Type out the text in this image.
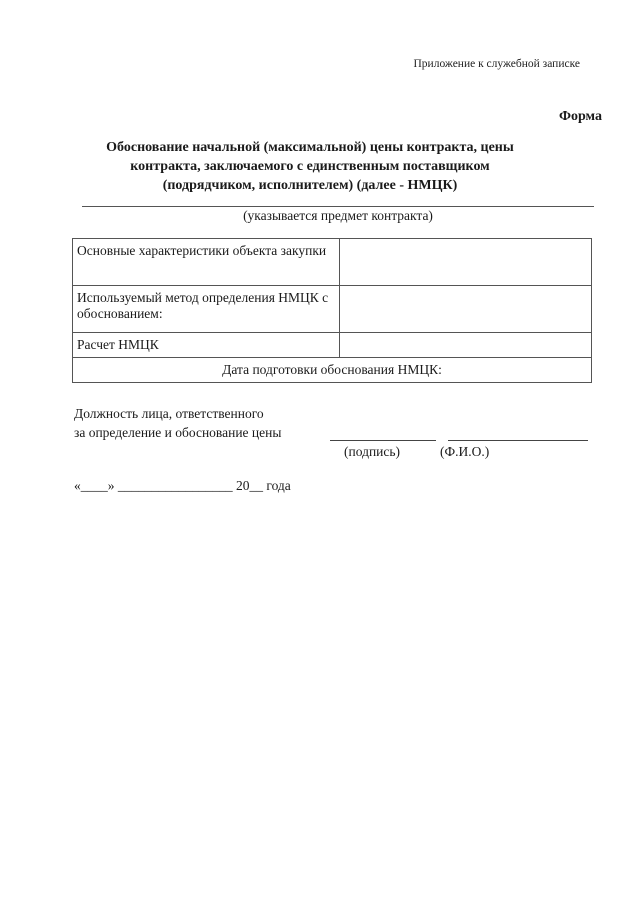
Приложение к служебной записке
Форма
Обоснование начальной (максимальной) цены контракта, цены
контракта, заключаемого с единственным поставщиком
(подрядчиком, исполнителем) (далее - НМЦК)
(указывается предмет контракта)
Основные характеристики объекта закупки	
Используемый метод определения НМЦК с обоснованием:	
Расчет НМЦК	
Дата подготовки обоснования НМЦК:	
Должность лица, ответственного
за определение и обоснование цены
(подпись)	(Ф.И.О.)
«____» _________________ 20__ года
